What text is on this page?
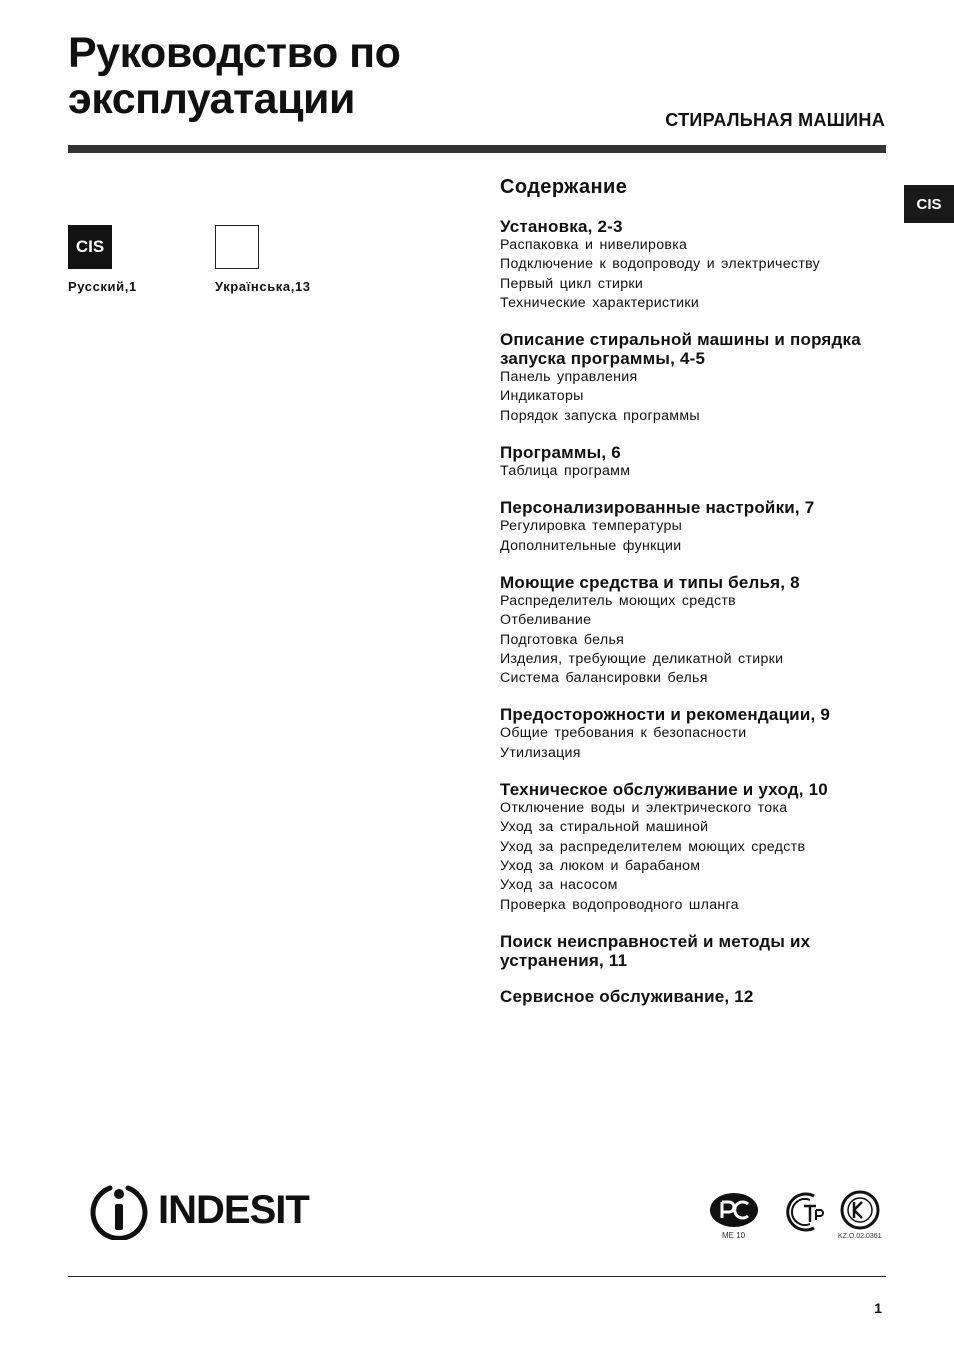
Руководство по эксплуатации	СТИРАЛЬНАЯ МАШИНА
CIS
CIS
Русский,1	Українська,13
Содержание
Установка, 2-3
Распаковка и нивелировка
Подключение к водопроводу и электричеству
Первый цикл стирки
Технические характеристики
Описание стиральной машины и порядка запуска программы, 4-5
Панель управления
Индикаторы
Порядок запуска программы
Программы, 6
Таблица программ
Персонализированные настройки, 7
Регулировка температуры
Дополнительные функции
Моющие средства и типы белья, 8
Распределитель моющих средств
Отбеливание
Подготовка белья
Изделия, требующие деликатной стирки
Система балансировки белья
Предосторожности и рекомендации, 9
Общие требования к безопасности
Утилизация
Техническое обслуживание и уход, 10
Отключение воды и электрического тока
Уход за стиральной машиной
Уход за распределителем моющих средств
Уход за люком и барабаном
Уход за насосом
Проверка водопроводного шланга
Поиск неисправностей и методы их устранения, 11
Сервисное обслуживание, 12
INDESIT
ME 10	KZ.O.02.0361
1
